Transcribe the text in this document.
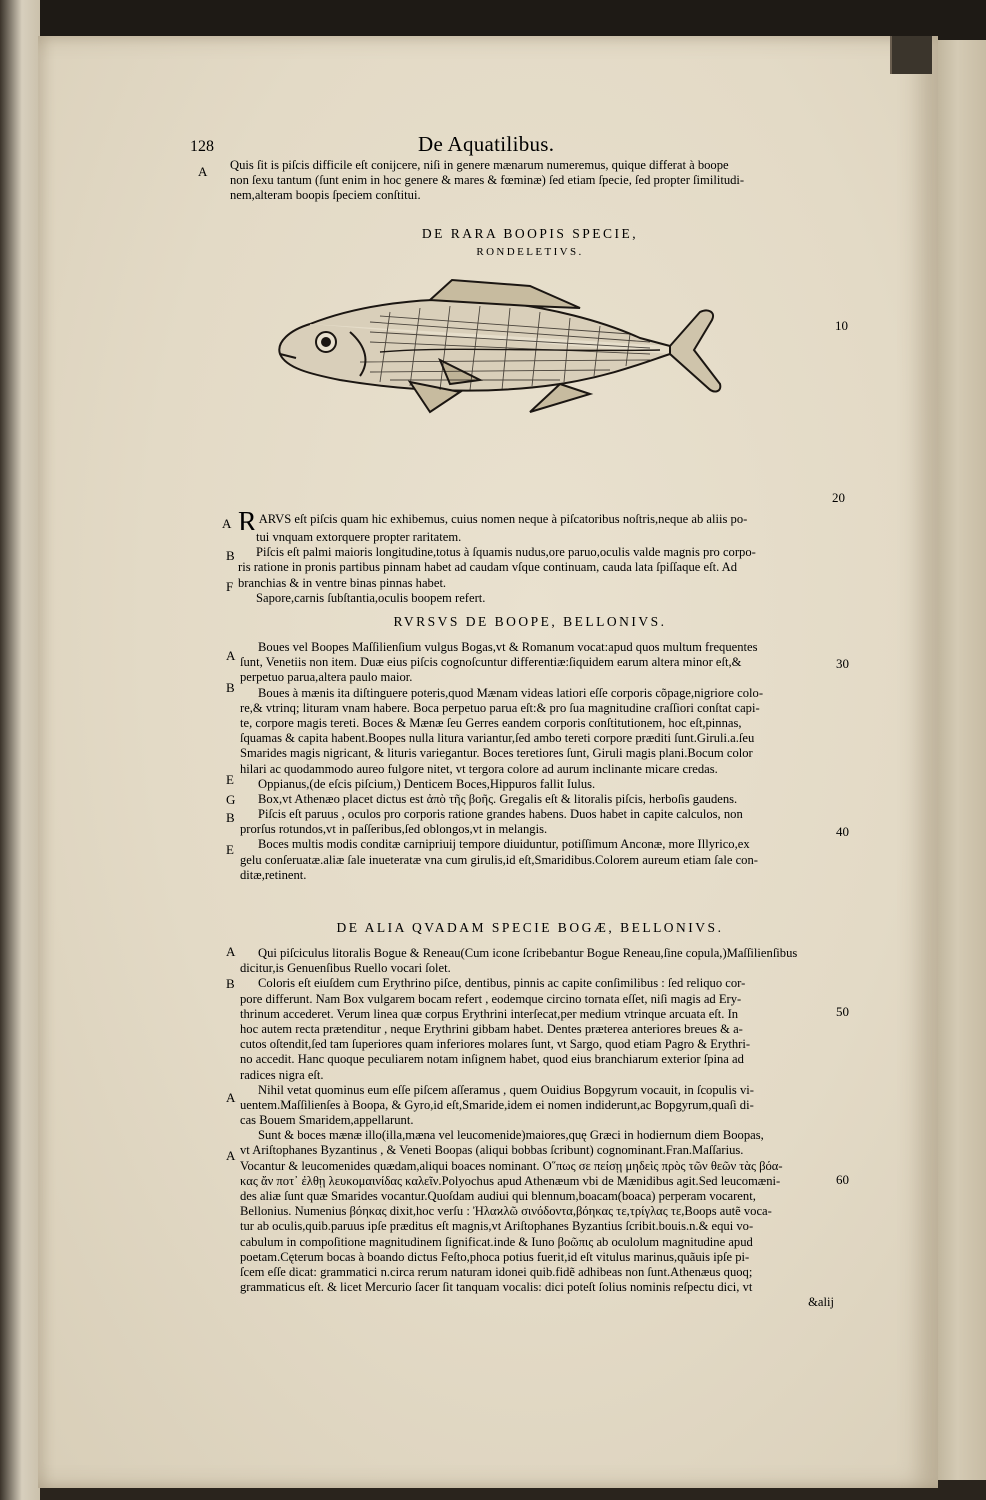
128	De Aquatilibus.
A Quis ſit is piſcis difficile eſt conijcere, niſi in genere mænarum numeremus, quique differat à boope
non ſexu tantum (ſunt enim in hoc genere & mares & fœminæ) ſed etiam ſpecie, ſed propter ſimilitudi-
nem,alteram boopis ſpeciem conſtitui.
DE RARA BOOPIS SPECIE,
RONDELETIVS.
10
20
A
B
F
RARVS eſt piſcis quam hic exhibemus, cuius nomen neque à piſcatoribus noſtris,neque ab aliis po-
tui vnquam extorquere propter raritatem.
Piſcis eſt palmi maioris longitudine,totus à ſquamis nudus,ore paruo,oculis valde magnis pro corpo-
ris ratione in pronis partibus pinnam habet ad caudam vſque continuam, cauda lata ſpiſſaque eſt. Ad
branchias & in ventre binas pinnas habet.
Sapore,carnis ſubſtantia,oculis boopem refert.
RVRSVS DE BOOPE, BELLONIVS.
A
B
E
G
B
E
30
40
Boues vel Boopes Maſſilienſium vulgus Bogas,vt & Romanum vocat:apud quos multum frequentes
ſunt, Venetiis non item. Duæ eius piſcis cognoſcuntur differentiæ:ſiquidem earum altera minor eſt,&
perpetuo parua,altera paulo maior.
Boues à mænis ita diſtinguere poteris,quod Mænam videas latiori eſſe corporis cõpage,nigriore colo-
re,& vtrinq; lituram vnam habere. Boca perpetuo parua eſt:& pro ſua magnitudine craſſiori conſtat capi-
te, corpore magis tereti. Boces & Mænæ ſeu Gerres eandem corporis conſtitutionem, hoc eſt,pinnas,
ſquamas & capita habent.Boopes nulla litura variantur,ſed ambo tereti corpore præditi ſunt.Giruli.a.ſeu
Smarides magis nigricant, & lituris variegantur. Boces teretiores ſunt, Giruli magis plani.Bocum color
hilari ac quodammodo aureo fulgore nitet, vt tergora colore ad aurum inclinante micare credas.
Oppianus,(de eſcis piſcium,) Denticem Boces,Hippuros fallit Iulus.
Box,vt Athenæo placet dictus est ἀπὸ τῆς βοῆς. Gregalis eſt & litoralis piſcis, herboſis gaudens.
Piſcis eſt paruus , oculos pro corporis ratione grandes habens. Duos habet in capite calculos, non
prorſus rotundos,vt in paſſeribus,ſed oblongos,vt in melangis.
Boces multis modis conditæ carnipriuij tempore diuiduntur, potiſſimum Anconæ, more Illyrico,ex
gelu conſeruatæ.aliæ ſale inueteratæ vna cum girulis,id eſt,Smaridibus.Colorem aureum etiam ſale con-
ditæ,retinent.
DE ALIA QVADAM SPECIE BOGÆ, BELLONIVS.
A
B
A
A
50
60
Qui piſciculus litoralis Bogue & Reneau(Cum icone ſcribebantur Bogue Reneau,ſine copula,)Maſſilienſibus
dicitur,is Genuenſibus Ruello vocari ſolet.
Coloris eſt eiuſdem cum Erythrino piſce, dentibus, pinnis ac capite conſimilibus : ſed reliquo cor-
pore differunt. Nam Box vulgarem bocam refert , eodemque circino tornata eſſet, niſi magis ad Ery-
thrinum accederet. Verum linea quæ corpus Erythrini interſecat,per medium vtrinque arcuata eſt. In
hoc autem recta prætenditur , neque Erythrini gibbam habet. Dentes præterea anteriores breues & a-
cutos oſtendit,ſed tam ſuperiores quam inferiores molares ſunt, vt Sargo, quod etiam Pagro & Erythri-
no accedit. Hanc quoque peculiarem notam inſignem habet, quod eius branchiarum exterior ſpina ad
radices nigra eſt.
Nihil vetat quominus eum eſſe piſcem aſſeramus , quem Ouidius Bopgyrum vocauit, in ſcopulis vi-
uentem.Maſſilienſes à Boopa, & Gyro,id eſt,Smaride,idem ei nomen indiderunt,ac Bopgyrum,quaſi di-
cas Bouem Smaridem,appellarunt.
Sunt & boces mænæ illo(illa,mæna vel leucomenide)maiores,quę Græci in hodiernum diem Boopas,
vt Ariſtophanes Byzantinus , & Veneti Boopas (aliqui bobbas ſcribunt) cognominant.Fran.Maſſarius.
Vocantur & leucomenides quædam,aliqui boaces nominant. Ο῞πως σε πείσῃ μηδεὶς πρὸς τῶν θεῶν τὰς βόα-
κας ἄν ποτ᾽ ἐλθῃ λευκομαινίδας καλεῖν.Polyochus apud Athenæum vbi de Mænidibus agit.Sed leucomæni-
des aliæ ſunt quæ Smarides vocantur.Quoſdam audiui qui blennum,boacam(boaca) perperam vocarent,
Bellonius. Numenius βόηκας dixit,hoc verſu : Ἠλαϰλῶ σινόδοντα,βόηκας τε,τρίγλας τε,Boops autẽ voca-
tur ab oculis,quib.paruus ipſe præditus eſt magnis,vt Ariſtophanes Byzantius ſcribit.bouis.n.& equi vo-
cabulum in compoſitione magnitudinem ſignificat.inde & Iuno βοῶπις ab oculolum magnitudine apud
poetam.Cęterum bocas à boando dictus Feſto,phoca potius fuerit,id eſt vitulus marinus,quãuis ipſe pi-
ſcem eſſe dicat: grammatici n.circa rerum naturam idonei quib.fidẽ adhibeas non ſunt.Athenæus quoq;
grammaticus eſt. & licet Mercurio ſacer ſit tanquam vocalis: dici poteſt ſolius nominis reſpectu dici, vt
&alij
